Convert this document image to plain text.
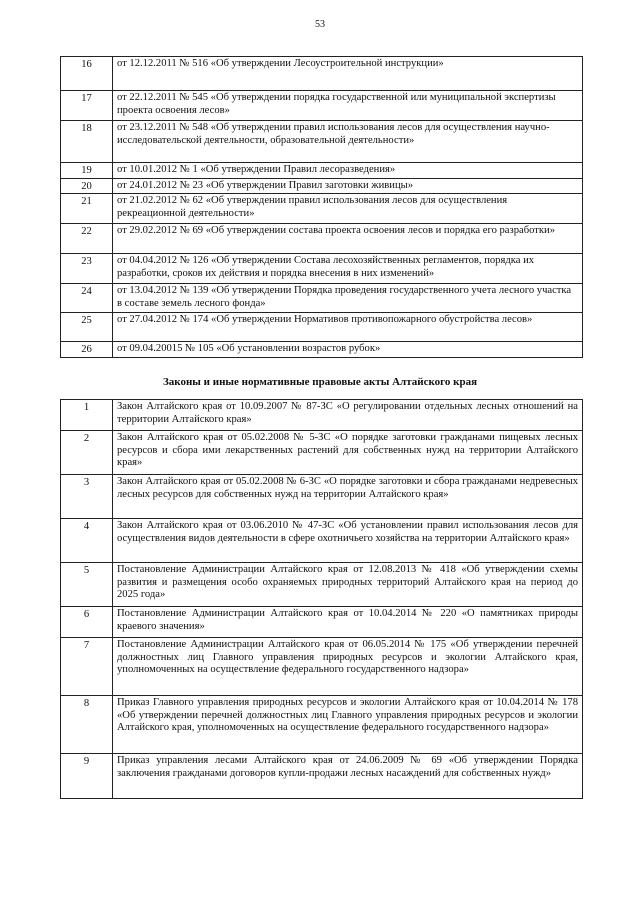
53
16	от 12.12.2011 № 516 «Об утверждении Лесоустроительной инструкции»
17	от 22.12.2011 № 545 «Об утверждении порядка государственной или муниципальной экспертизы проекта освоения лесов»
18	от 23.12.2011 № 548 «Об утверждении правил использования лесов для осуществления научно-исследовательской деятельности, образовательной деятельности»
19	от 10.01.2012 № 1 «Об утверждении Правил лесоразведения»
20	от 24.01.2012 № 23 «Об утверждении Правил заготовки живицы»
21	от 21.02.2012 № 62 «Об утверждении правил использования лесов для осуществления рекреационной деятельности»
22	от 29.02.2012 № 69 «Об утверждении состава проекта освоения лесов и порядка его разработки»
23	от 04.04.2012 № 126 «Об утверждении Состава лесохозяйственных регламентов, порядка их разработки, сроков их действия и порядка внесения в них изменений»
24	от 13.04.2012 № 139 «Об утверждении Порядка проведения государственного учета лесного участка в составе земель лесного фонда»
25	от 27.04.2012 № 174 «Об утверждении Нормативов противопожарного обустройства лесов»
26	от 09.04.20015 № 105 «Об установлении возрастов рубок»
Законы и иные нормативные правовые акты Алтайского края
1	Закон Алтайского края от 10.09.2007 № 87-ЗС «О регулировании отдельных лесных отношений на территории Алтайского края»
2	Закон Алтайского края от 05.02.2008 № 5-ЗС «О порядке заготовки гражданами пищевых лесных ресурсов и сбора ими лекарственных растений для собственных нужд на территории Алтайского края»
3	Закон Алтайского края от 05.02.2008 № 6-ЗС «О порядке заготовки и сбора гражданами недревесных лесных ресурсов для собственных нужд на территории Алтайского края»
4	Закон Алтайского края от 03.06.2010 № 47-ЗС «Об установлении правил использования лесов для осуществления видов деятельности в сфере охотничьего хозяйства на территории Алтайского края»
5	Постановление Администрации Алтайского края от 12.08.2013 № 418 «Об утверждении схемы развития и размещения особо охраняемых природных территорий Алтайского края на период до 2025 года»
6	Постановление Администрации Алтайского края от 10.04.2014 № 220 «О памятниках природы краевого значения»
7	Постановление Администрации Алтайского края от 06.05.2014 № 175 «Об утверждении перечней должностных лиц Главного управления природных ресурсов и экологии Алтайского края, уполномоченных на осуществление федерального государственного надзора»
8	Приказ Главного управления природных ресурсов и экологии Алтайского края от 10.04.2014 № 178 «Об утверждении перечней должностных лиц Главного управления природных ресурсов и экологии Алтайского края, уполномоченных на осуществление федерального государственного надзора»
9	Приказ управления лесами Алтайского края от 24.06.2009 № 69 «Об утверждении Порядка заключения гражданами договоров купли-продажи лесных насаждений для собственных нужд»
